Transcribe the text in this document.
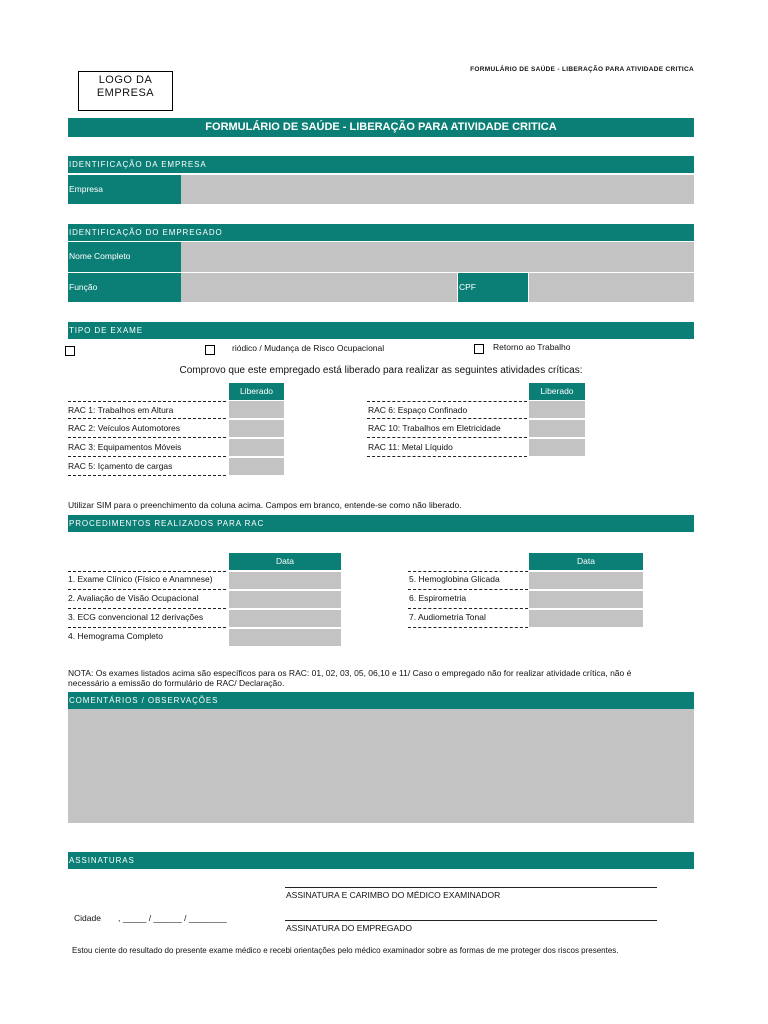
LOGO DA
EMPRESA
FORMULÁRIO DE SAÚDE - LIBERAÇÃO PARA ATIVIDADE CRITICA
FORMULÁRIO DE SAÚDE - LIBERAÇÃO PARA ATIVIDADE CRITICA
IDENTIFICAÇÃO DA EMPRESA
Empresa
IDENTIFICAÇÃO DO EMPREGADO
Nome Completo
Função	CPF
TIPO DE EXAME
riódico / Mudança de Risco Ocupacional	Retorno ao Trabalho
Comprovo que este empregado está liberado para realizar as seguintes atividades críticas:
Liberado
RAC 1: Trabalhos em Altura
RAC 2: Veículos Automotores
RAC 3: Equipamentos Móveis
RAC 5: Içamento de cargas
Liberado
RAC 6: Espaço Confinado
RAC 10: Trabalhos em Eletricidade
RAC 11: Metal Líquido
Utilizar SIM para o preenchimento da coluna acima. Campos em branco, entende-se como não liberado.
PROCEDIMENTOS REALIZADOS PARA RAC
Data
1. Exame Clínico (Físico e Anamnese)
2. Avaliação de Visão Ocupacional
3. ECG convencional 12 derivações
4. Hemograma Completo
Data
5. Hemoglobina Glicada
6. Espirometria
7. Audiometria Tonal
NOTA: Os exames listados acima são específicos para os RAC: 01, 02, 03, 05, 06,10 e 11/ Caso o empregado não for realizar atividade crítica, não é
necessário a emissão do formulário de RAC/ Declaração.
COMENTÁRIOS / OBSERVAÇÕES
ASSINATURAS
ASSINATURA E CARIMBO DO MÉDICO EXAMINADOR
Cidade , _____ / ______ / ________
ASSINATURA DO EMPREGADO
Estou ciente do resultado do presente exame médico e recebi orientações pelo médico examinador sobre as formas de me proteger dos riscos presentes.
